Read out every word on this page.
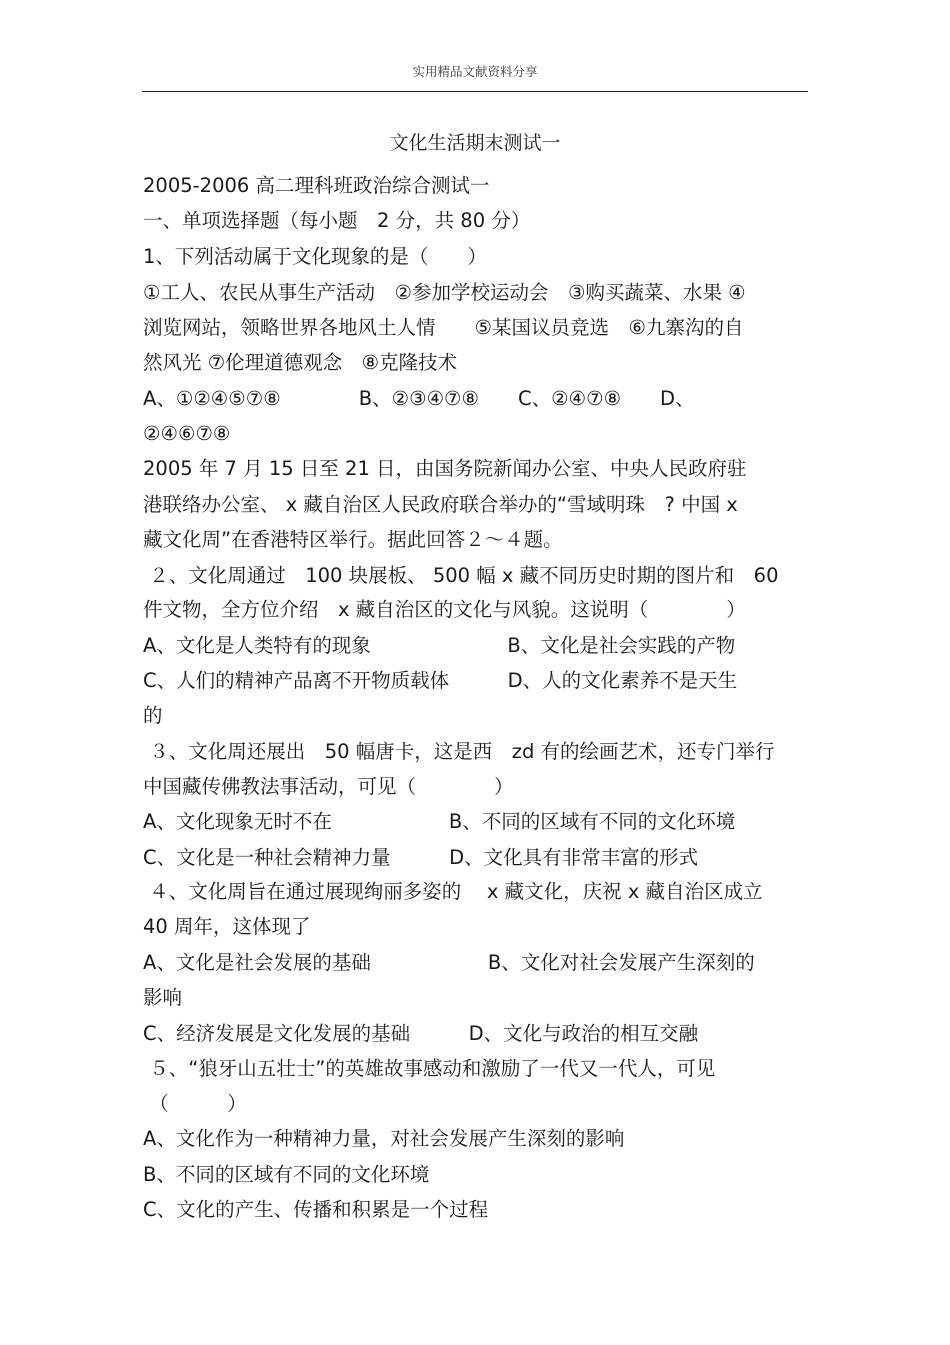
实用精品文献资料分享
文化生活期末测试一
2005-2006 高二理科班政治综合测试一
一、单项选择题（每小题　2 分，共 80 分）
1、下列活动属于文化现象的是（　　）
①工人、农民从事生产活动　②参加学校运动会　③购买蔬菜、水果 ④
浏览网站，领略世界各地风土人情　　⑤某国议员竞选　⑥九寨沟的自
然风光 ⑦伦理道德观念　⑧克隆技术
A、①②④⑤⑦⑧　　　　B、②③④⑦⑧　　C、②④⑦⑧　　D、
②④⑥⑦⑧
2005 年 7 月 15 日至 21 日，由国务院新闻办公室、中央人民政府驻
港联络办公室、 x 藏自治区人民政府联合举办的“雪域明珠　? 中国 x
藏文化周”在香港特区举行。据此回答２～４题。
２、文化周通过　100 块展板、 500 幅 x 藏不同历史时期的图片和　60
件文物，全方位介绍　x 藏自治区的文化与风貌。这说明（　　　　）
A、文化是人类特有的现象　　　　　　　B、文化是社会实践的产物
C、人们的精神产品离不开物质载体　　　D、人的文化素养不是天生
的
３、文化周还展出　50 幅唐卡，这是西　zd 有的绘画艺术，还专门举行
中国藏传佛教法事活动，可见（　　　　）
A、文化现象无时不在　　　　　　B、不同的区域有不同的文化环境
C、文化是一种社会精神力量　　　D、文化具有非常丰富的形式
４、文化周旨在通过展现绚丽多姿的　 x 藏文化，庆祝 x 藏自治区成立
40 周年，这体现了
A、文化是社会发展的基础　　　　　　B、文化对社会发展产生深刻的
影响
C、经济发展是文化发展的基础　　　D、文化与政治的相互交融
５、“狼牙山五壮士”的英雄故事感动和激励了一代又一代人，可见
（　　　）
A、文化作为一种精神力量，对社会发展产生深刻的影响
B、不同的区域有不同的文化环境
C、文化的产生、传播和积累是一个过程
